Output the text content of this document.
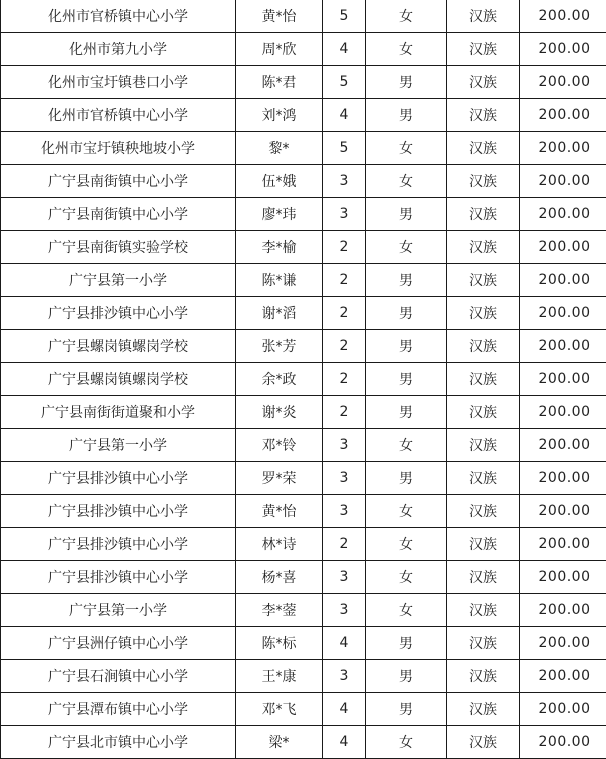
化州市官桥镇中心小学	黄*怡	5	女	汉族	200.00
化州市第九小学	周*欣	4	女	汉族	200.00
化州市宝圩镇巷口小学	陈*君	5	男	汉族	200.00
化州市官桥镇中心小学	刘*鸿	4	男	汉族	200.00
化州市宝圩镇秧地坡小学	黎*	5	女	汉族	200.00
广宁县南街镇中心小学	伍*娥	3	女	汉族	200.00
广宁县南街镇中心小学	廖*玮	3	男	汉族	200.00
广宁县南街镇实验学校	李*榆	2	女	汉族	200.00
广宁县第一小学	陈*谦	2	男	汉族	200.00
广宁县排沙镇中心小学	谢*滔	2	男	汉族	200.00
广宁县螺岗镇螺岗学校	张*芳	2	男	汉族	200.00
广宁县螺岗镇螺岗学校	余*政	2	男	汉族	200.00
广宁县南街街道聚和小学	谢*炎	2	男	汉族	200.00
广宁县第一小学	邓*铃	3	女	汉族	200.00
广宁县排沙镇中心小学	罗*荣	3	男	汉族	200.00
广宁县排沙镇中心小学	黄*怡	3	女	汉族	200.00
广宁县排沙镇中心小学	林*诗	2	女	汉族	200.00
广宁县排沙镇中心小学	杨*喜	3	女	汉族	200.00
广宁县第一小学	李*蓥	3	女	汉族	200.00
广宁县洲仔镇中心小学	陈*标	4	男	汉族	200.00
广宁县石涧镇中心小学	王*康	3	男	汉族	200.00
广宁县潭布镇中心小学	邓*飞	4	男	汉族	200.00
广宁县北市镇中心小学	梁*	4	女	汉族	200.00
